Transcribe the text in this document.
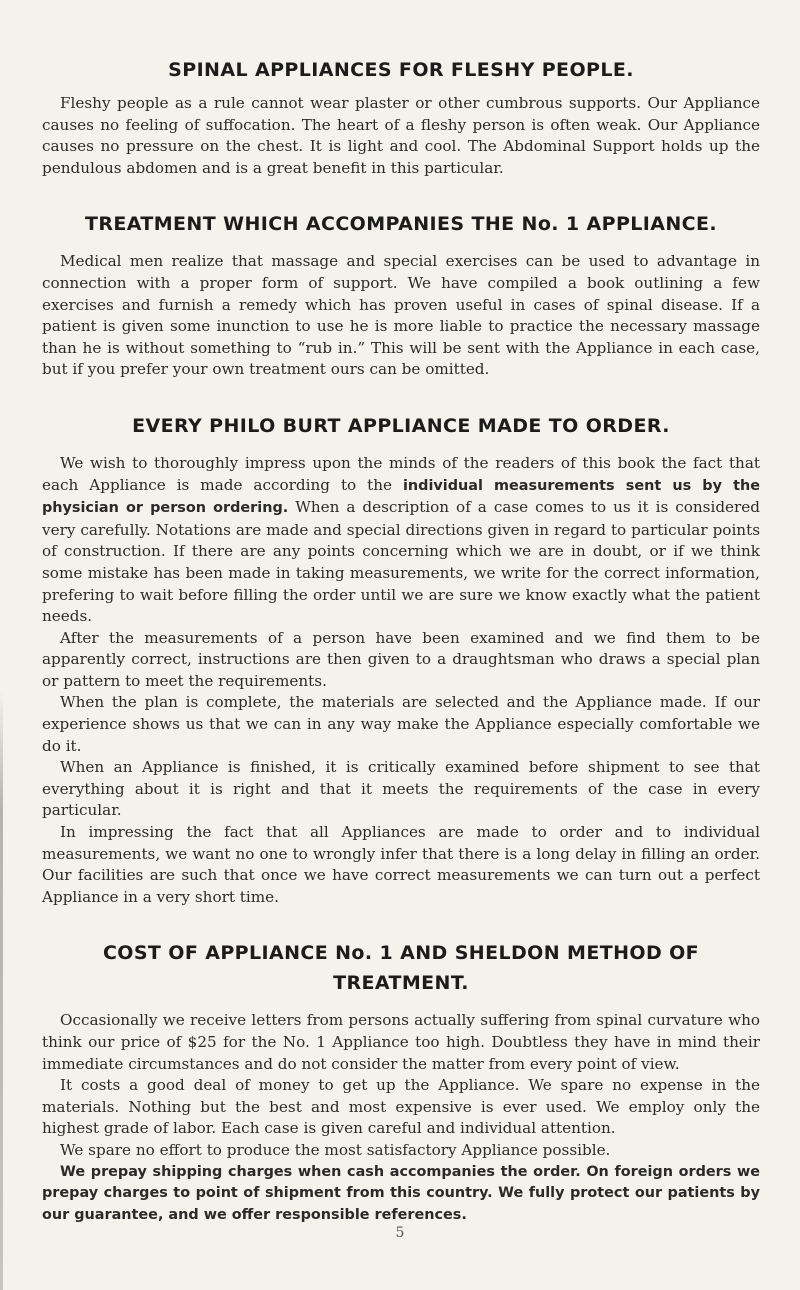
SPINAL APPLIANCES FOR FLESHY PEOPLE.

Fleshy people as a rule cannot wear plaster or other cumbrous supports. Our Appliance causes no feeling of suffocation. The heart of a fleshy person is often weak. Our Appliance causes no pressure on the chest. It is light and cool. The Abdominal Support holds up the pendulous abdomen and is a great benefit in this particular.

TREATMENT WHICH ACCOMPANIES THE No. 1 APPLIANCE.

Medical men realize that massage and special exercises can be used to advantage in connection with a proper form of support. We have compiled a book outlining a few exercises and furnish a remedy which has proven useful in cases of spinal disease. If a patient is given some inunction to use he is more liable to practice the necessary massage than he is without something to “rub in.” This will be sent with the Appliance in each case, but if you prefer your own treatment ours can be omitted.

EVERY PHILO BURT APPLIANCE MADE TO ORDER.

We wish to thoroughly impress upon the minds of the readers of this book the fact that each Appliance is made according to the individual measurements sent us by the physician or person ordering. When a description of a case comes to us it is considered very carefully. Notations are made and special directions given in regard to particular points of construction. If there are any points concerning which we are in doubt, or if we think some mistake has been made in taking measurements, we write for the correct information, prefering to wait before filling the order until we are sure we know exactly what the patient needs.

After the measurements of a person have been examined and we find them to be apparently correct, instructions are then given to a draughtsman who draws a special plan or pattern to meet the requirements.

When the plan is complete, the materials are selected and the Appliance made. If our experience shows us that we can in any way make the Appliance especially comfortable we do it.

When an Appliance is finished, it is critically examined before shipment to see that everything about it is right and that it meets the requirements of the case in every particular.

In impressing the fact that all Appliances are made to order and to individual measurements, we want no one to wrongly infer that there is a long delay in filling an order. Our facilities are such that once we have correct measurements we can turn out a perfect Appliance in a very short time.

COST OF APPLIANCE No. 1 AND SHELDON METHOD OF TREATMENT.

Occasionally we receive letters from persons actually suffering from spinal curvature who think our price of $25 for the No. 1 Appliance too high. Doubtless they have in mind their immediate circumstances and do not consider the matter from every point of view.

It costs a good deal of money to get up the Appliance. We spare no expense in the materials. Nothing but the best and most expensive is ever used. We employ only the highest grade of labor. Each case is given careful and individual attention.

We spare no effort to produce the most satisfactory Appliance possible.

We prepay shipping charges when cash accompanies the order. On foreign orders we prepay charges to point of shipment from this country. We fully protect our patients by our guarantee, and we offer responsible references.

5
